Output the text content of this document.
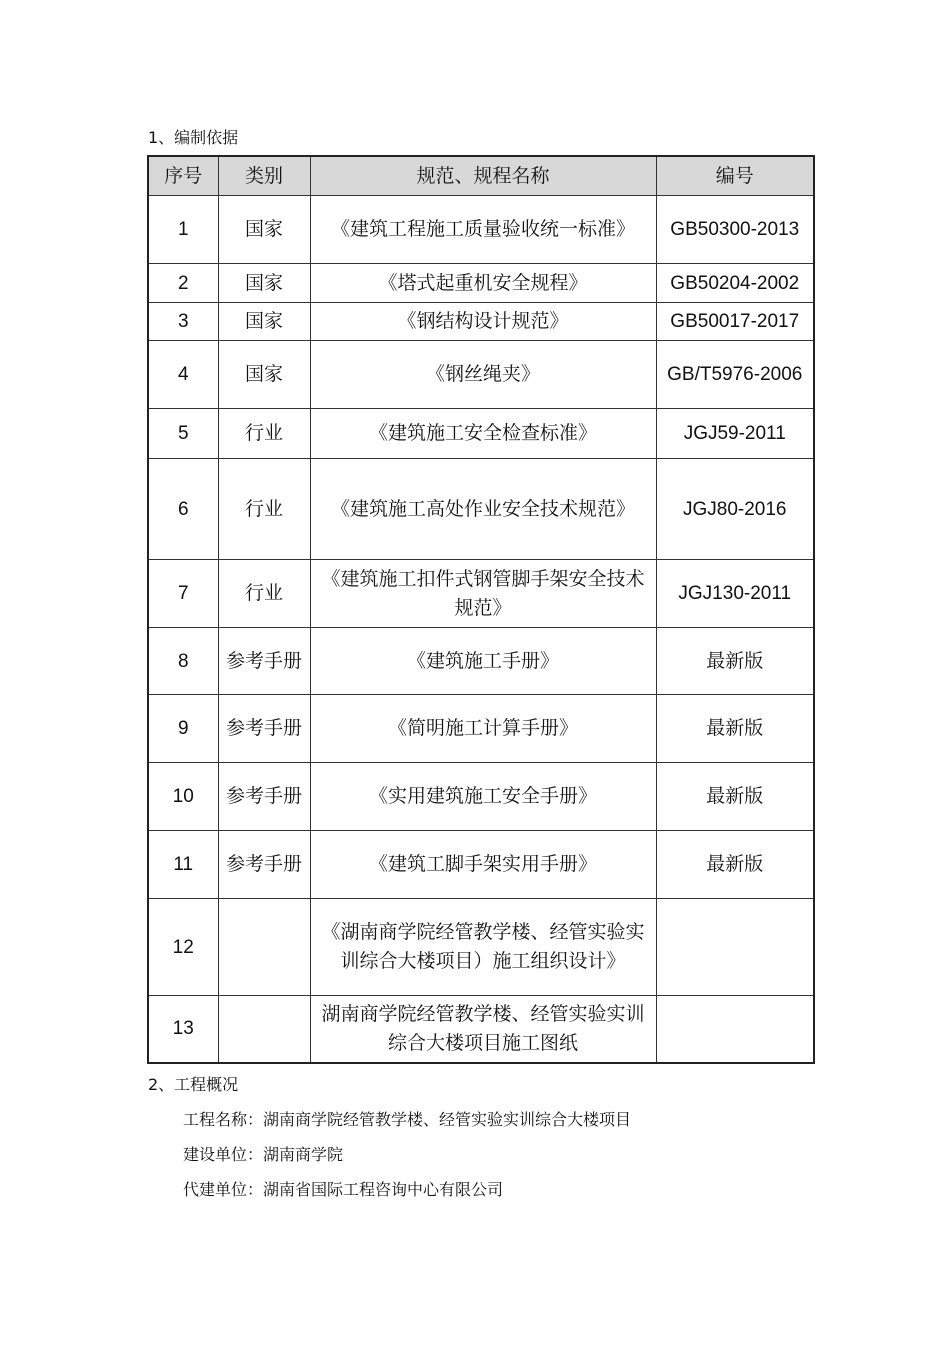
1、编制依据
序号	类别	规范、规程名称	编号
1	国家	《建筑工程施工质量验收统一标准》	GB50300-2013
2	国家	《塔式起重机安全规程》	GB50204-2002
3	国家	《钢结构设计规范》	GB50017-2017
4	国家	《钢丝绳夹》	GB/T5976-2006
5	行业	《建筑施工安全检查标准》	JGJ59-2011
6	行业	《建筑施工高处作业安全技术规范》	JGJ80-2016
7	行业	《建筑施工扣件式钢管脚手架安全技术规范》	JGJ130-2011
8	参考手册	《建筑施工手册》	最新版
9	参考手册	《简明施工计算手册》	最新版
10	参考手册	《实用建筑施工安全手册》	最新版
11	参考手册	《建筑工脚手架实用手册》	最新版
12		《湖南商学院经管教学楼、经管实验实训综合大楼项目）施工组织设计》	
13		湖南商学院经管教学楼、经管实验实训综合大楼项目施工图纸	
2、工程概况
工程名称：湖南商学院经管教学楼、经管实验实训综合大楼项目
建设单位：湖南商学院
代建单位：湖南省国际工程咨询中心有限公司
